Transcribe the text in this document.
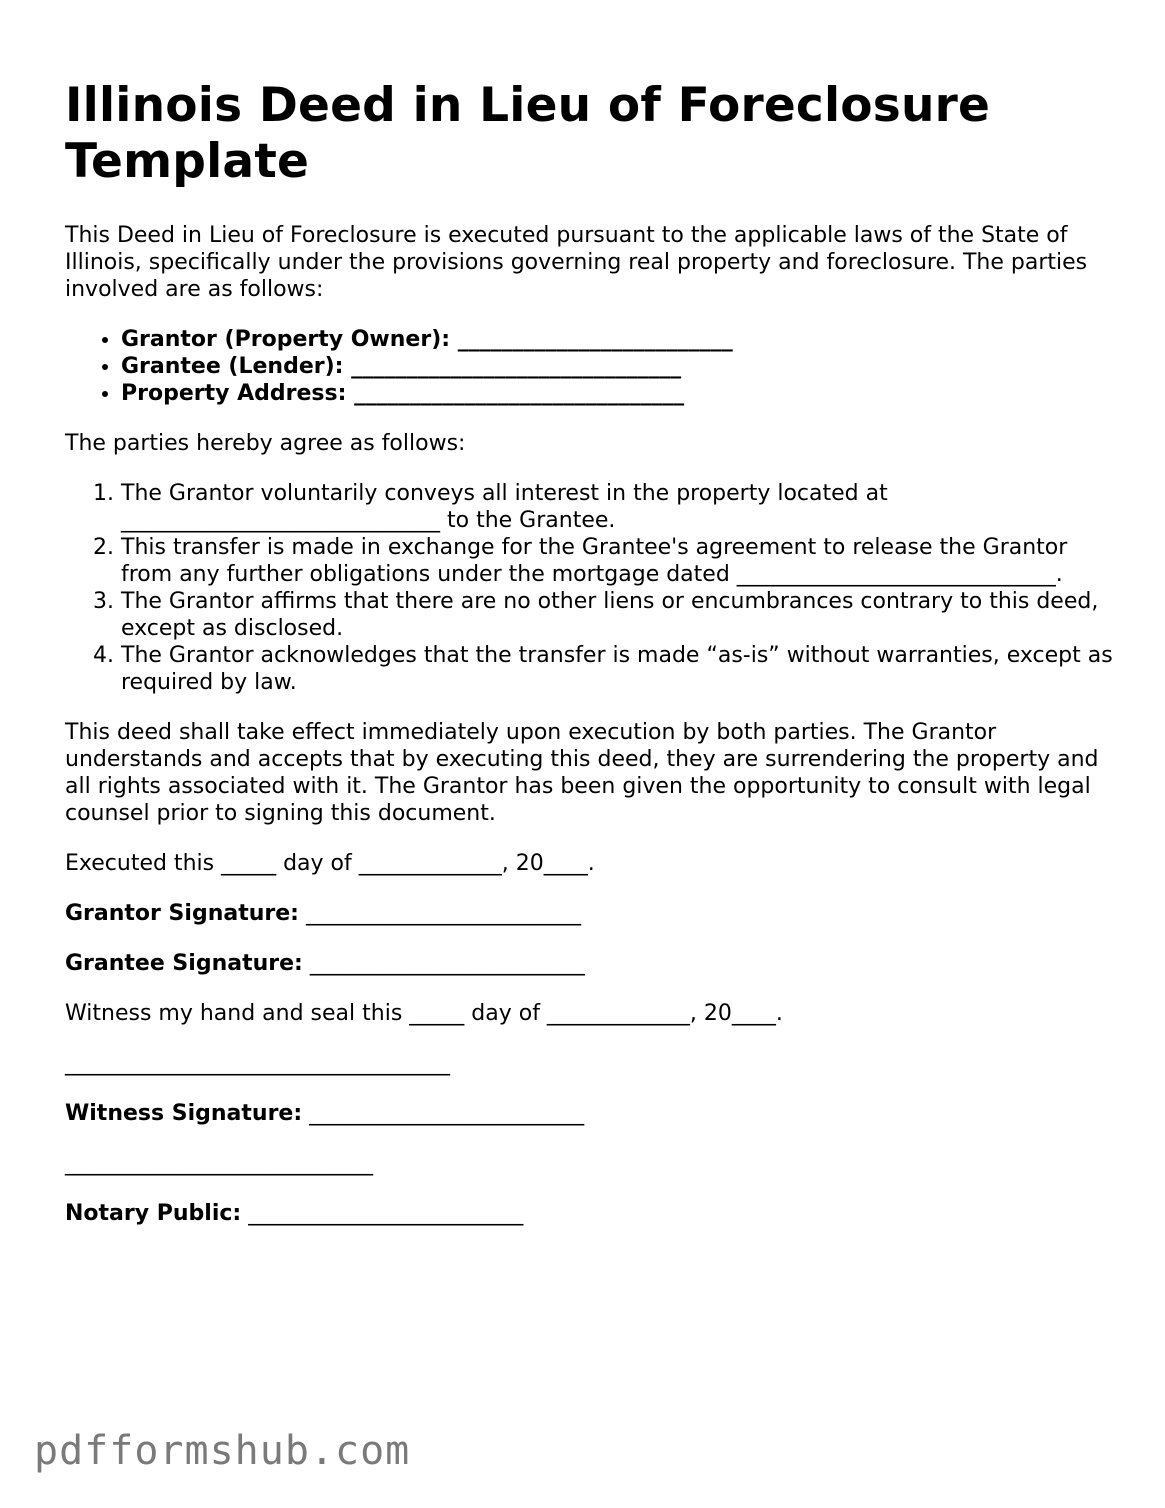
Illinois Deed in Lieu of Foreclosure Template

This Deed in Lieu of Foreclosure is executed pursuant to the applicable laws of the State of Illinois, specifically under the provisions governing real property and foreclosure. The parties involved are as follows:

• Grantor (Property Owner): _________________________
• Grantee (Lender): ______________________________
• Property Address: ______________________________

The parties hereby agree as follows:

1. The Grantor voluntarily conveys all interest in the property located at _____________________________ to the Grantee.
2. This transfer is made in exchange for the Grantee's agreement to release the Grantor from any further obligations under the mortgage dated _____________________________.
3. The Grantor affirms that there are no other liens or encumbrances contrary to this deed, except as disclosed.
4. The Grantor acknowledges that the transfer is made “as-is” without warranties, except as required by law.

This deed shall take effect immediately upon execution by both parties. The Grantor understands and accepts that by executing this deed, they are surrendering the property and all rights associated with it. The Grantor has been given the opportunity to consult with legal counsel prior to signing this document.

Executed this _____ day of _____________, 20____.

Grantor Signature: _________________________
Grantee Signature: _________________________

Witness my hand and seal this _____ day of _____________, 20____.

___________________________________
Witness Signature: _________________________
____________________________
Notary Public: _________________________
pdfformshub.com
